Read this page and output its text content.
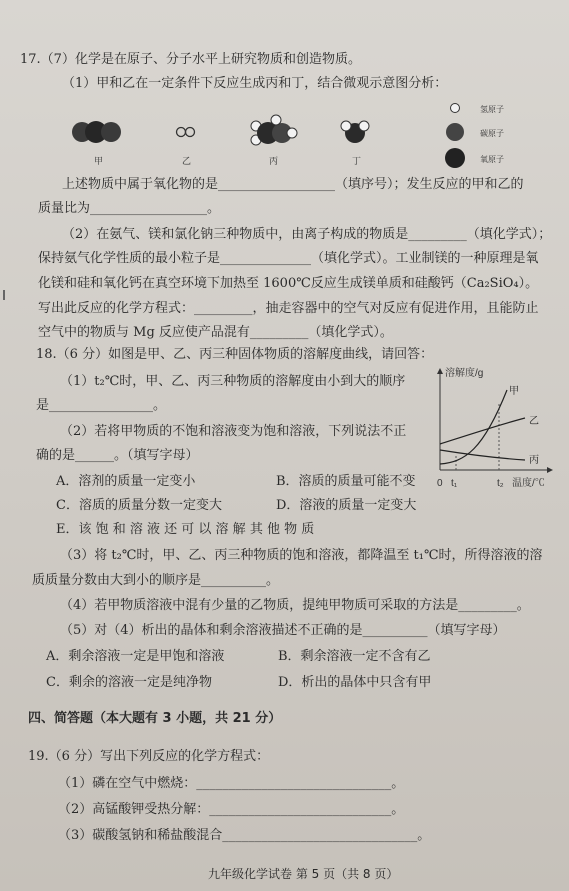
17.（7）化学是在原子、分子水平上研究物质和创造物质。
（1）甲和乙在一定条件下反应生成丙和丁，结合微观示意图分析：
甲	乙	丙	丁
氢原子
碳原子
氧原子
上述物质中属于氧化物的是__________________（填序号）；发生反应的甲和乙的
质量比为__________________。
（2）在氨气、镁和氯化钠三种物质中，由离子构成的物质是_________（填化学式）；
保持氨气化学性质的最小粒子是______________（填化学式）。工业制镁的一种原理是氧
化镁和硅和氧化钙在真空环境下加热至 1600℃反应生成镁单质和硅酸钙（Ca₂SiO₄）。
写出此反应的化学方程式：_________，抽走容器中的空气对反应有促进作用，且能防止
空气中的物质与 Mg 反应使产品混有_________（填化学式）。
18.（6 分）如图是甲、乙、丙三种固体物质的溶解度曲线，请回答：
（1）t₂℃时，甲、乙、丙三种物质的溶解度由小到大的顺序
是________________。
（2）若将甲物质的不饱和溶液变为饱和溶液，下列说法不正
确的是______。（填写字母）
溶解度/g
0 t₁	t₂ 温度/℃
甲
乙
丙
A．溶剂的质量一定变小	B．溶质的质量可能不变
C．溶质的质量分数一定变大	D．溶液的质量一定变大
E．该 饱 和 溶 液 还 可 以 溶 解 其 他 物 质
（3）将 t₂℃时，甲、乙、丙三种物质的饱和溶液，都降温至 t₁℃时，所得溶液的溶
质质量分数由大到小的顺序是__________。
（4）若甲物质溶液中混有少量的乙物质，提纯甲物质可采取的方法是_________。
（5）对（4）析出的晶体和剩余溶液描述不正确的是__________（填写字母）
A．剩余溶液一定是甲饱和溶液	B．剩余溶液一定不含有乙
C．剩余的溶液一定是纯净物	D．析出的晶体中只含有甲
四、简答题（本大题有 3 小题，共 21 分）
19.（6 分）写出下列反应的化学方程式：
（1）磷在空气中燃烧：______________________________。
（2）高锰酸钾受热分解：____________________________。
（3）碳酸氢钠和稀盐酸混合______________________________。
九年级化学试卷 第 5 页（共 8 页）
